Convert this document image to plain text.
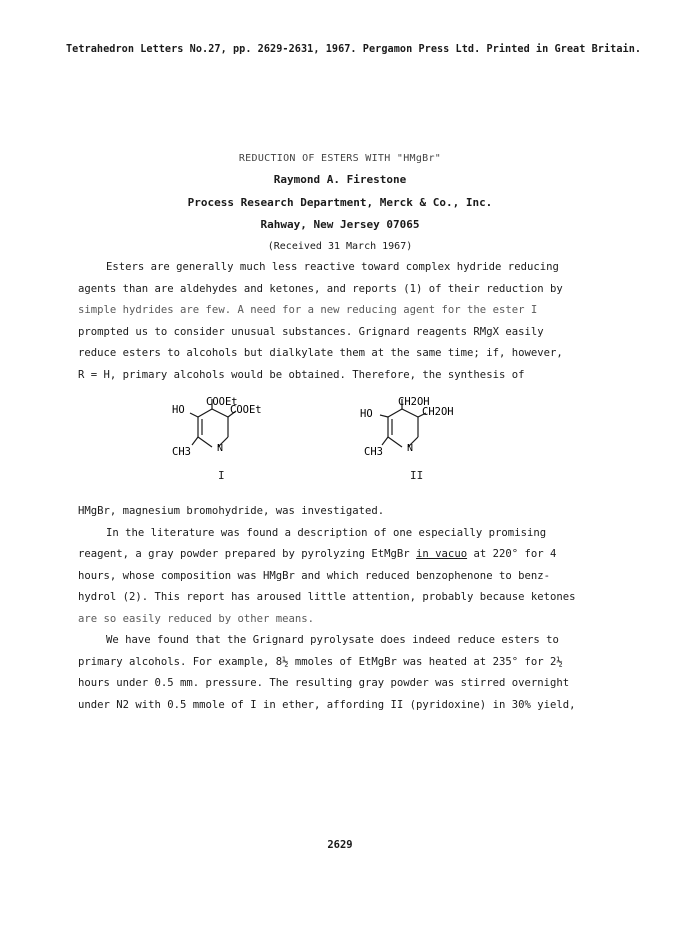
Tetrahedron Letters No.27, pp. 2629-2631, 1967. Pergamon Press Ltd. Printed in Great Britain.
REDUCTION OF ESTERS WITH "HMgBr"
Raymond A. Firestone
Process Research Department, Merck & Co., Inc.
Rahway, New Jersey 07065
(Received 31 March 1967)
Esters are generally much less reactive toward complex hydride reducing
agents than are aldehydes and ketones, and reports (1) of their reduction by
simple hydrides are few. A need for a new reducing agent for the ester I
prompted us to consider unusual substances. Grignard reagents RMgX easily
reduce esters to alcohols but dialkylate them at the same time; if, however,
R = H, primary alcohols would be obtained. Therefore, the synthesis of
COOEt
COOEt
HO
CH3	N
I
CH2OH
CH2OH
HO
CH3 N
II
HMgBr, magnesium bromohydride, was investigated.
In the literature was found a description of one especially promising
reagent, a gray powder prepared by pyrolyzing EtMgBr in vacuo at 220° for 4
hours, whose composition was HMgBr and which reduced benzophenone to benz-
hydrol (2). This report has aroused little attention, probably because ketones
are so easily reduced by other means.
We have found that the Grignard pyrolysate does indeed reduce esters to
primary alcohols. For example, 8½ mmoles of EtMgBr was heated at 235° for 2½
hours under 0.5 mm. pressure. The resulting gray powder was stirred overnight
under N2 with 0.5 mmole of I in ether, affording II (pyridoxine) in 30% yield,
2629
